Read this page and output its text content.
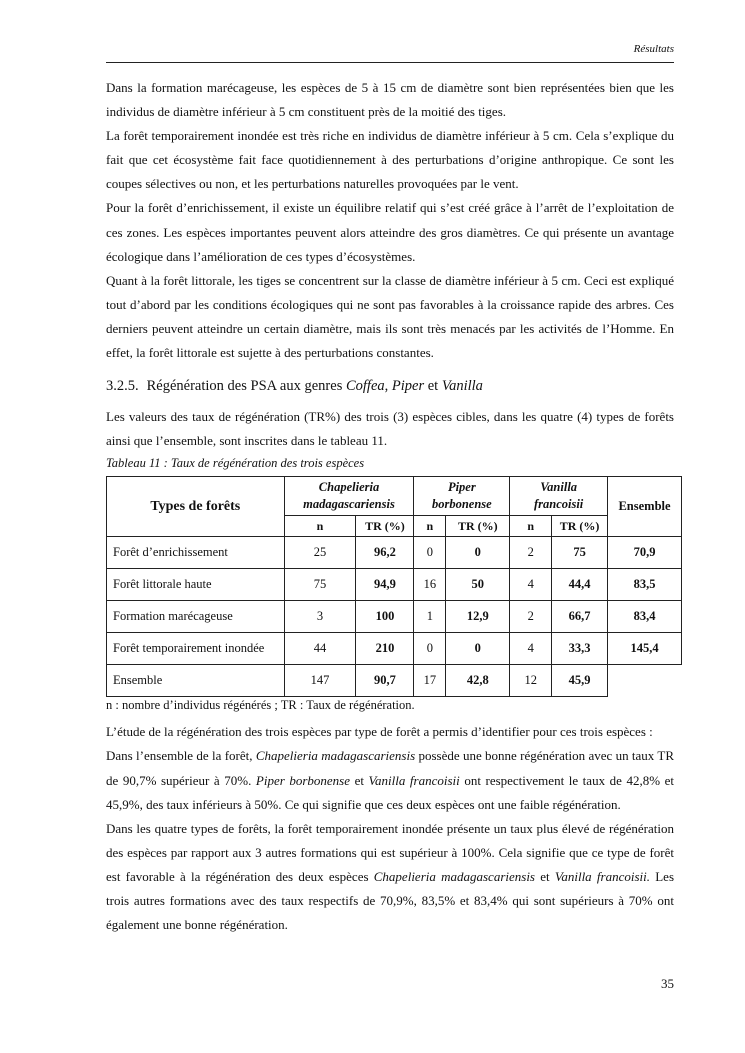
Résultats

Dans la formation marécageuse, les espèces de 5 à 15 cm de diamètre sont bien représentées bien que les individus de diamètre inférieur à 5 cm constituent près de la moitié des tiges.

La forêt temporairement inondée est très riche en individus de diamètre inférieur à 5 cm. Cela s’explique du fait que cet écosystème fait face quotidiennement à des perturbations d’origine anthropique. Ce sont les coupes sélectives ou non, et les perturbations naturelles provoquées par le vent.

Pour la forêt d’enrichissement, il existe un équilibre relatif qui s’est créé grâce à l’arrêt de l’exploitation de ces zones. Les espèces importantes peuvent alors atteindre des gros diamètres. Ce qui présente un avantage écologique dans l’amélioration de ces types d’écosystèmes.

Quant à la forêt littorale, les tiges se concentrent sur la classe de diamètre inférieur à 5 cm. Ceci est expliqué tout d’abord par les conditions écologiques qui ne sont pas favorables à la croissance rapide des arbres. Ces derniers peuvent atteindre un certain diamètre, mais ils sont très menacés par les activités de l’Homme. En effet, la forêt littorale est sujette à des perturbations constantes.

3.2.5. Régénération des PSA aux genres Coffea, Piper et Vanilla

Les valeurs des taux de régénération (TR%) des trois (3) espèces cibles, dans les quatre (4) types de forêts ainsi que l’ensemble, sont inscrites dans le tableau 11.

Tableau 11 : Taux de régénération des trois espèces
Types de forêts	Chapelieria
madagascariensis		Piper
borbonense		Vanilla
francoisii		Ensemble
	n	TR (%)	n	TR (%)	n	TR (%)	
Forêt d’enrichissement	25	96,2	0	0	2	75	70,9
Forêt littorale haute	75	94,9	16	50	4	44,4	83,5
Formation marécageuse	3	100	1	12,9	2	66,7	83,4
Forêt temporairement inondée	44	210	0	0	4	33,3	145,4
Ensemble	147	90,7	17	42,8	12	45,9	
n : nombre d’individus régénérés ; TR : Taux de régénération.

L’étude de la régénération des trois espèces par type de forêt a permis d’identifier pour ces trois espèces :

Dans l’ensemble de la forêt, Chapelieria madagascariensis possède une bonne régénération avec un taux TR de 90,7% supérieur à 70%. Piper borbonense et Vanilla francoisii ont respectivement le taux de 42,8% et 45,9%, des taux inférieurs à 50%. Ce qui signifie que ces deux espèces ont une faible régénération.

Dans les quatre types de forêts, la forêt temporairement inondée présente un taux plus élevé de régénération des espèces par rapport aux 3 autres formations qui est supérieur à 100%. Cela signifie que ce type de forêt est favorable à la régénération des deux espèces Chapelieria madagascariensis et Vanilla francoisii. Les trois autres formations avec des taux respectifs de 70,9%, 83,5% et 83,4% qui sont supérieurs à 70% ont également une bonne régénération.

35
